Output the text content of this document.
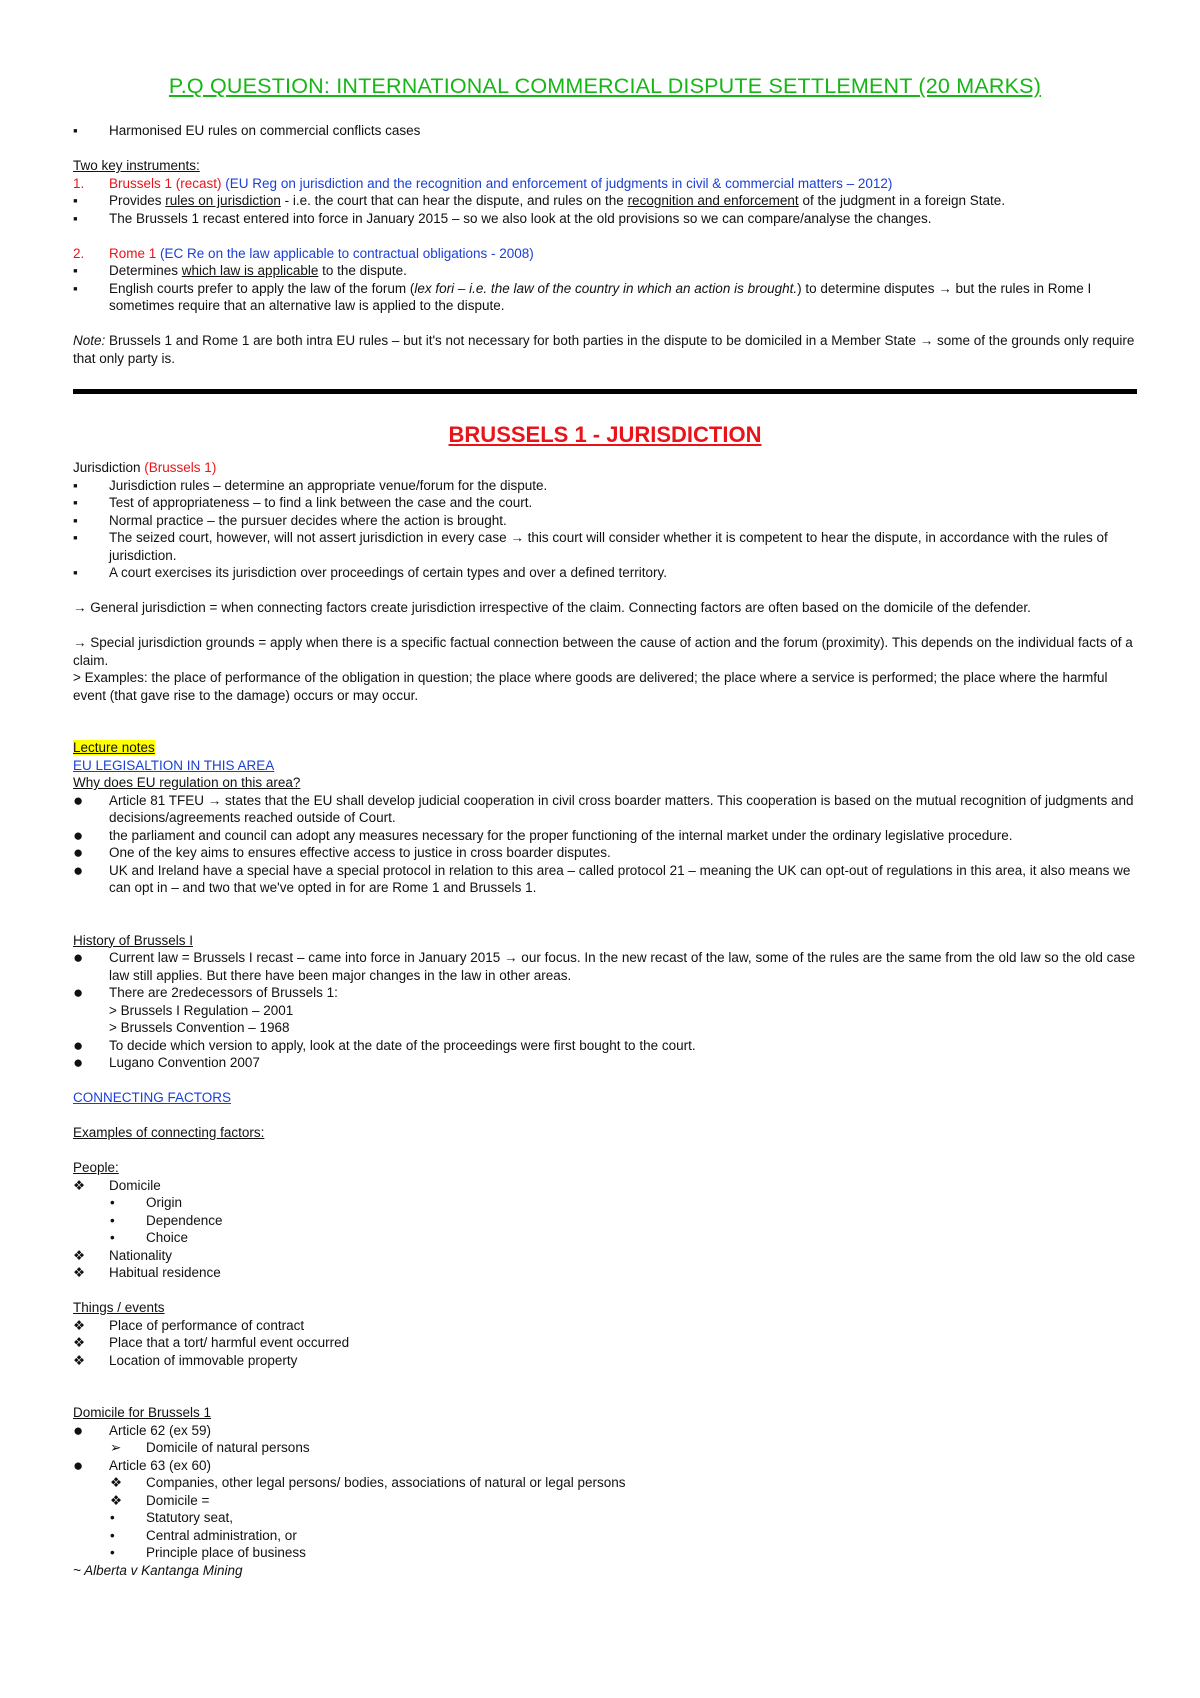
P.Q QUESTION: INTERNATIONAL COMMERCIAL DISPUTE SETTLEMENT (20 MARKS)
▪	Harmonised EU rules on commercial conflicts cases
Two key instruments:
1.	Brussels 1 (recast) (EU Reg on jurisdiction and the recognition and enforcement of judgments in civil & commercial matters – 2012)
▪	Provides rules on jurisdiction - i.e. the court that can hear the dispute, and rules on the recognition and enforcement of the judgment in a foreign State.
▪	The Brussels 1 recast entered into force in January 2015 – so we also look at the old provisions so we can compare/analyse the changes.
2.	Rome 1 (EC Re on the law applicable to contractual obligations - 2008)
▪	Determines which law is applicable to the dispute.
▪	English courts prefer to apply the law of the forum (lex fori – i.e. the law of the country in which an action is brought.) to determine disputes → but the rules in Rome I sometimes require that an alternative law is applied to the dispute.
Note: Brussels 1 and Rome 1 are both intra EU rules – but it's not necessary for both parties in the dispute to be domiciled in a Member State → some of the grounds only require that only party is.
BRUSSELS 1 - JURISDICTION
Jurisdiction (Brussels 1)
▪	Jurisdiction rules – determine an appropriate venue/forum for the dispute.
▪	Test of appropriateness – to find a link between the case and the court.
▪	Normal practice – the pursuer decides where the action is brought.
▪	The seized court, however, will not assert jurisdiction in every case → this court will consider whether it is competent to hear the dispute, in accordance with the rules of jurisdiction.
▪	A court exercises its jurisdiction over proceedings of certain types and over a defined territory.
→ General jurisdiction = when connecting factors create jurisdiction irrespective of the claim. Connecting factors are often based on the domicile of the defender.
→ Special jurisdiction grounds = apply when there is a specific factual connection between the cause of action and the forum (proximity). This depends on the individual facts of a claim.
> Examples: the place of performance of the obligation in question; the place where goods are delivered; the place where a service is performed; the place where the harmful event (that gave rise to the damage) occurs or may occur.
Lecture notes
EU LEGISALTION IN THIS AREA
Why does EU regulation on this area?
●	Article 81 TFEU → states that the EU shall develop judicial cooperation in civil cross boarder matters. This cooperation is based on the mutual recognition of judgments and decisions/agreements reached outside of Court.
●	the parliament and council can adopt any measures necessary for the proper functioning of the internal market under the ordinary legislative procedure.
●	One of the key aims to ensures effective access to justice in cross boarder disputes.
●	UK and Ireland have a special have a special protocol in relation to this area – called protocol 21 – meaning the UK can opt-out of regulations in this area, it also means we can opt in – and two that we've opted in for are Rome 1 and Brussels 1.
History of Brussels I
●	Current law = Brussels I recast – came into force in January 2015 → our focus. In the new recast of the law, some of the rules are the same from the old law so the old case law still applies. But there have been major changes in the law in other areas.
●	There are 2redecessors of Brussels 1:
> Brussels I Regulation – 2001
> Brussels Convention – 1968
●	To decide which version to apply, look at the date of the proceedings were first bought to the court.
●	Lugano Convention 2007
CONNECTING FACTORS
Examples of connecting factors:
People:
❖	Domicile
•	Origin
•	Dependence
•	Choice
❖	Nationality
❖	Habitual residence
Things / events
❖	Place of performance of contract
❖	Place that a tort/ harmful event occurred
❖	Location of immovable property
Domicile for Brussels 1
●	Article 62 (ex 59)
➢	Domicile of natural persons
●	Article 63 (ex 60)
❖	Companies, other legal persons/ bodies, associations of natural or legal persons
❖	Domicile =
•	Statutory seat,
•	Central administration, or
•	Principle place of business
~ Alberta v Kantanga Mining
